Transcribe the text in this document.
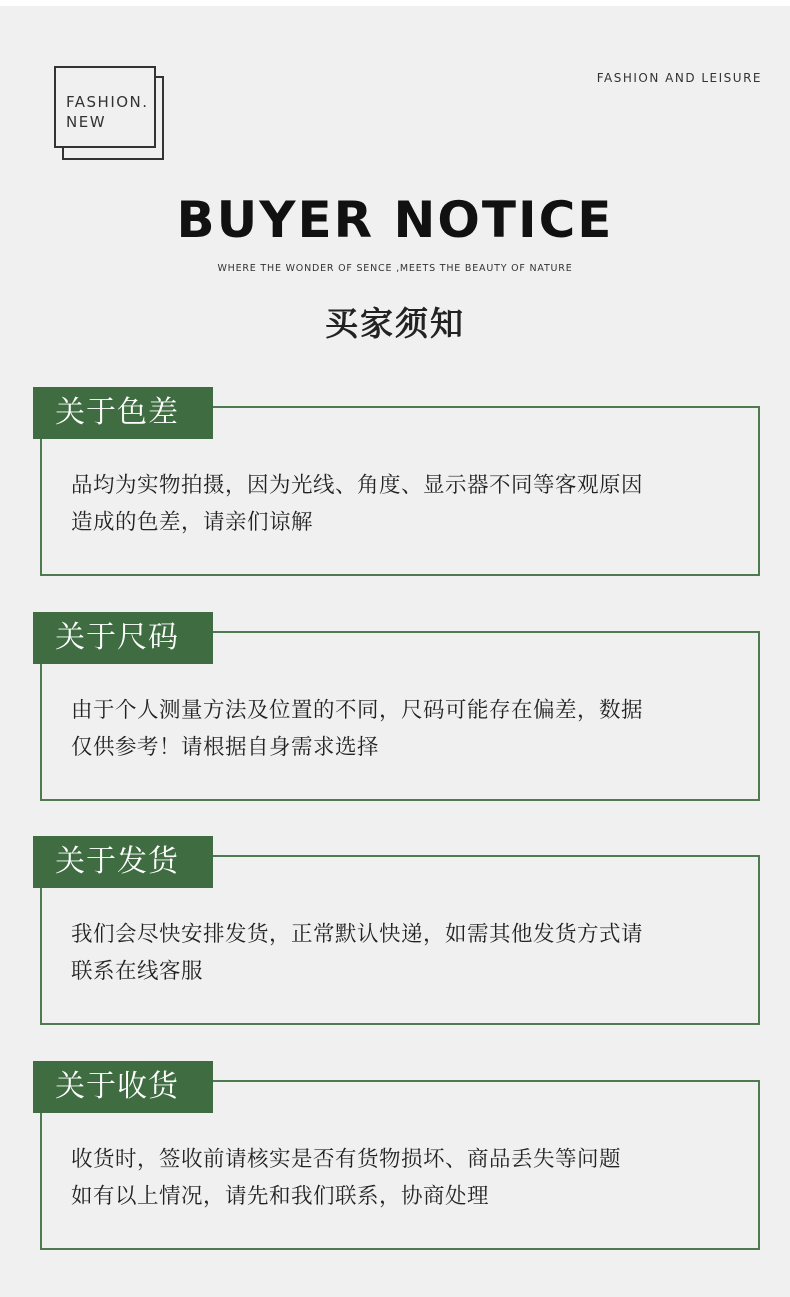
FASHION.
NEW
FASHION AND LEISURE
BUYER NOTICE
WHERE THE WONDER OF SENCE ,MEETS THE BEAUTY OF NATURE
买家须知
关于色差
品均为实物拍摄，因为光线、角度、显示器不同等客观原因
造成的色差，请亲们谅解
关于尺码
由于个人测量方法及位置的不同，尺码可能存在偏差，数据
仅供参考！请根据自身需求选择
关于发货
我们会尽快安排发货，正常默认快递，如需其他发货方式请
联系在线客服
关于收货
收货时，签收前请核实是否有货物损坏、商品丢失等问题
如有以上情况，请先和我们联系，协商处理
